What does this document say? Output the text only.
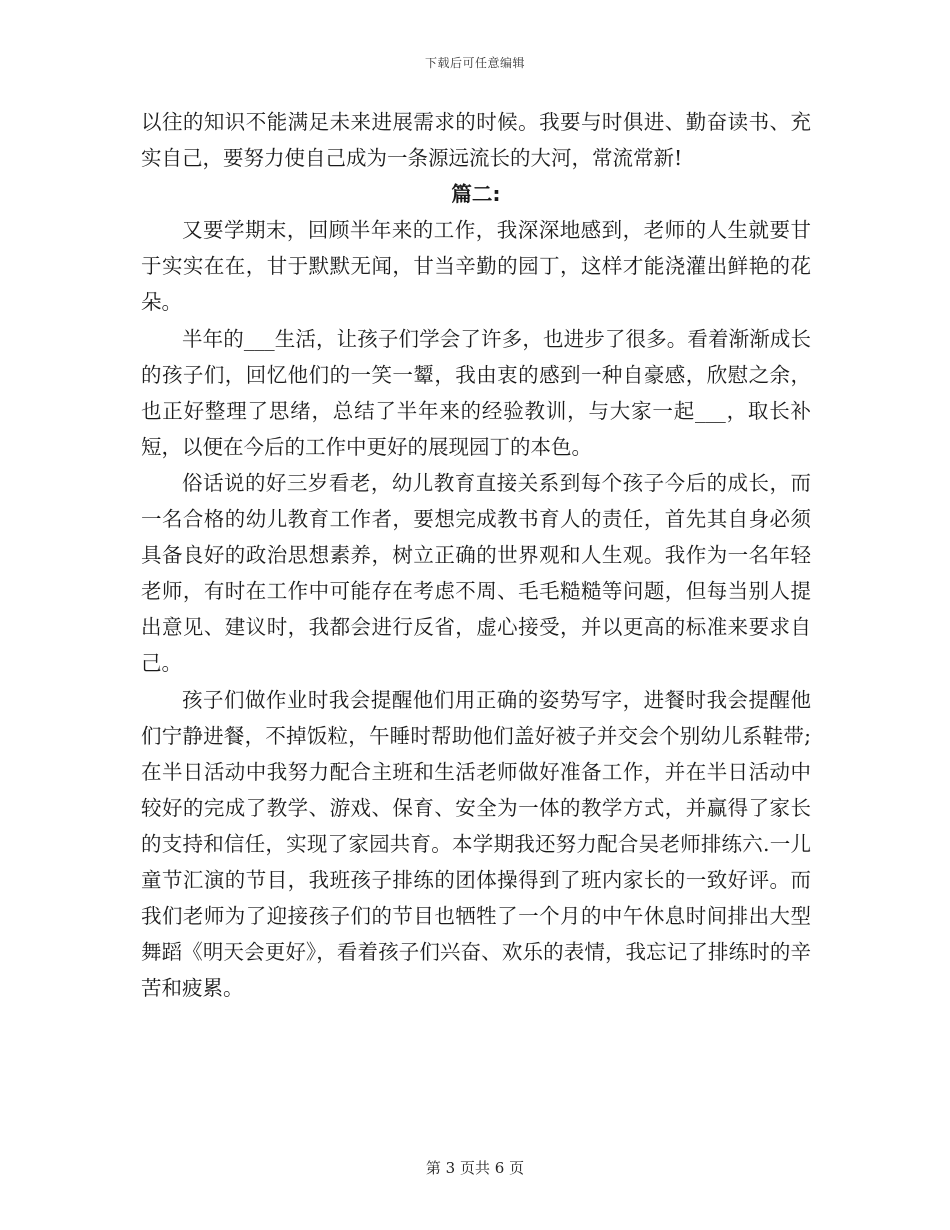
下载后可任意编辑

以往的知识不能满足未来进展需求的时候。我要与时俱进、勤奋读书、充实自己，要努力使自己成为一条源远流长的大河，常流常新!

篇二:

又要学期末，回顾半年来的工作，我深深地感到，老师的人生就要甘于实实在在，甘于默默无闻，甘当辛勤的园丁，这样才能浇灌出鲜艳的花朵。

半年的___生活，让孩子们学会了许多，也进步了很多。看着渐渐成长的孩子们，回忆他们的一笑一颦，我由衷的感到一种自豪感，欣慰之余，也正好整理了思绪，总结了半年来的经验教训，与大家一起___，取长补短，以便在今后的工作中更好的展现园丁的本色。

俗话说的好三岁看老，幼儿教育直接关系到每个孩子今后的成长，而一名合格的幼儿教育工作者，要想完成教书育人的责任，首先其自身必须具备良好的政治思想素养，树立正确的世界观和人生观。我作为一名年轻老师，有时在工作中可能存在考虑不周、毛毛糙糙等问题，但每当别人提出意见、建议时，我都会进行反省，虚心接受，并以更高的标准来要求自己。

孩子们做作业时我会提醒他们用正确的姿势写字，进餐时我会提醒他们宁静进餐，不掉饭粒，午睡时帮助他们盖好被子并交会个别幼儿系鞋带;在半日活动中我努力配合主班和生活老师做好准备工作，并在半日活动中较好的完成了教学、游戏、保育、安全为一体的教学方式，并赢得了家长的支持和信任，实现了家园共育。本学期我还努力配合吴老师排练六.一儿童节汇演的节目，我班孩子排练的团体操得到了班内家长的一致好评。而我们老师为了迎接孩子们的节目也牺牲了一个月的中午休息时间排出大型舞蹈《明天会更好》，看着孩子们兴奋、欢乐的表情，我忘记了排练时的辛苦和疲累。

第 3 页共 6 页
